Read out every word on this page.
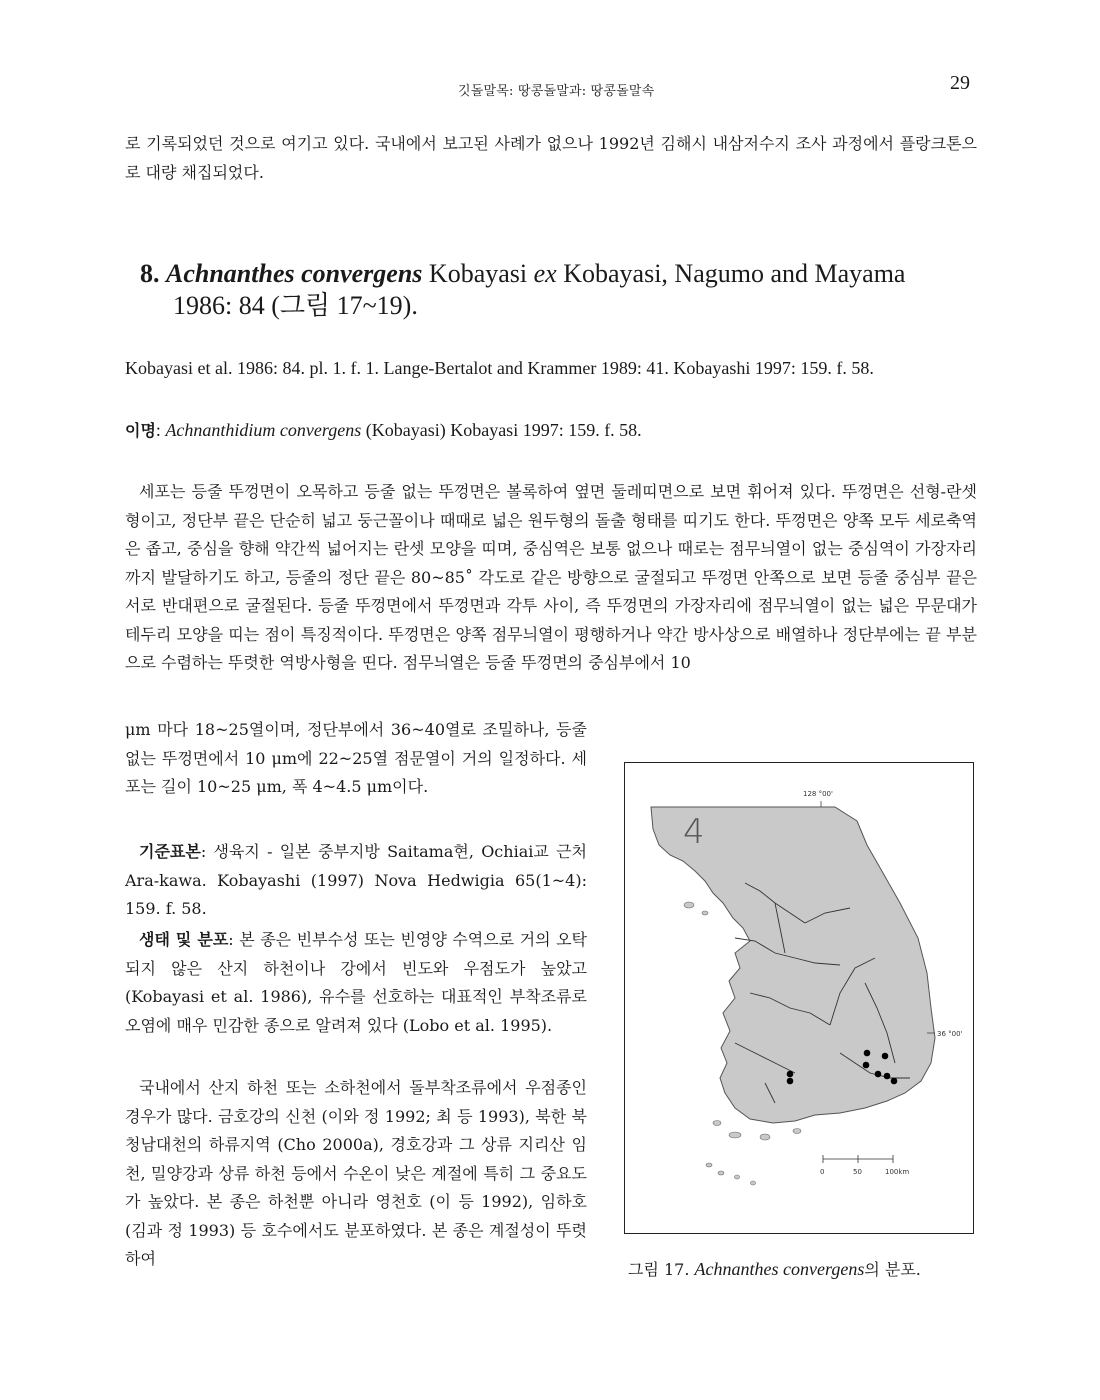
깃돌말목: 땅콩돌말과: 땅콩돌말속	29

로 기록되었던 것으로 여기고 있다. 국내에서 보고된 사례가 없으나 1992년 김해시 내삼저수지 조사 과정에서 플랑크톤으로 대량 채집되었다.

8. Achnanthes convergens Kobayasi ex Kobayasi, Nagumo and Mayama
1986: 84 (그림 17~19).

Kobayasi et al. 1986: 84. pl. 1. f. 1. Lange-Bertalot and Krammer 1989: 41. Kobayashi 1997: 159. f. 58.

이명: Achnanthidium convergens (Kobayasi) Kobayasi 1997: 159. f. 58.

세포는 등줄 뚜껑면이 오목하고 등줄 없는 뚜껑면은 볼록하여 옆면 둘레띠면으로 보면 휘어져 있다. 뚜껑면은 선형-란셋형이고, 정단부 끝은 단순히 넓고 둥근꼴이나 때때로 넓은 원두형의 돌출 형태를 띠기도 한다. 뚜껑면은 양쪽 모두 세로축역은 좁고, 중심을 향해 약간씩 넓어지는 란셋 모양을 띠며, 중심역은 보통 없으나 때로는 점무늬열이 없는 중심역이 가장자리까지 발달하기도 하고, 등줄의 정단 끝은 80~85˚ 각도로 같은 방향으로 굴절되고 뚜껑면 안쪽으로 보면 등줄 중심부 끝은 서로 반대편으로 굴절된다. 등줄 뚜껑면에서 뚜껑면과 각투 사이, 즉 뚜껑면의 가장자리에 점무늬열이 없는 넓은 무문대가 테두리 모양을 띠는 점이 특징적이다. 뚜껑면은 양쪽 점무늬열이 평행하거나 약간 방사상으로 배열하나 정단부에는 끝 부분으로 수렴하는 뚜렷한 역방사형을 띤다. 점무늬열은 등줄 뚜껑면의 중심부에서 10

μm 마다 18~25열이며, 정단부에서 36~40열로 조밀하나, 등줄 없는 뚜껑면에서 10 μm에 22~25열 점문열이 거의 일정하다. 세포는 길이 10~25 μm, 폭 4~4.5 μm이다.

기준표본: 생육지 - 일본 중부지방 Saitama현, Ochiai교 근처 Ara-kawa. Kobayashi (1997) Nova Hedwigia 65(1~4): 159. f. 58.

생태 및 분포: 본 종은 빈부수성 또는 빈영양 수역으로 거의 오탁되지 않은 산지 하천이나 강에서 빈도와 우점도가 높았고 (Kobayasi et al. 1986), 유수를 선호하는 대표적인 부착조류로 오염에 매우 민감한 종으로 알려져 있다 (Lobo et al. 1995).

국내에서 산지 하천 또는 소하천에서 돌부착조류에서 우점종인 경우가 많다. 금호강의 신천 (이와 정 1992; 최 등 1993), 북한 북청남대천의 하류지역 (Cho 2000a), 경호강과 그 상류 지리산 임천, 밀양강과 상류 하천 등에서 수온이 낮은 계절에 특히 그 중요도가 높았다. 본 종은 하천뿐 아니라 영천호 (이 등 1992), 임하호 (김과 정 1993) 등 호수에서도 분포하였다. 본 종은 계절성이 뚜렷하여

128 °00'
4
36 °00'
0	50	100km

그림 17. Achnanthes convergens의 분포.
